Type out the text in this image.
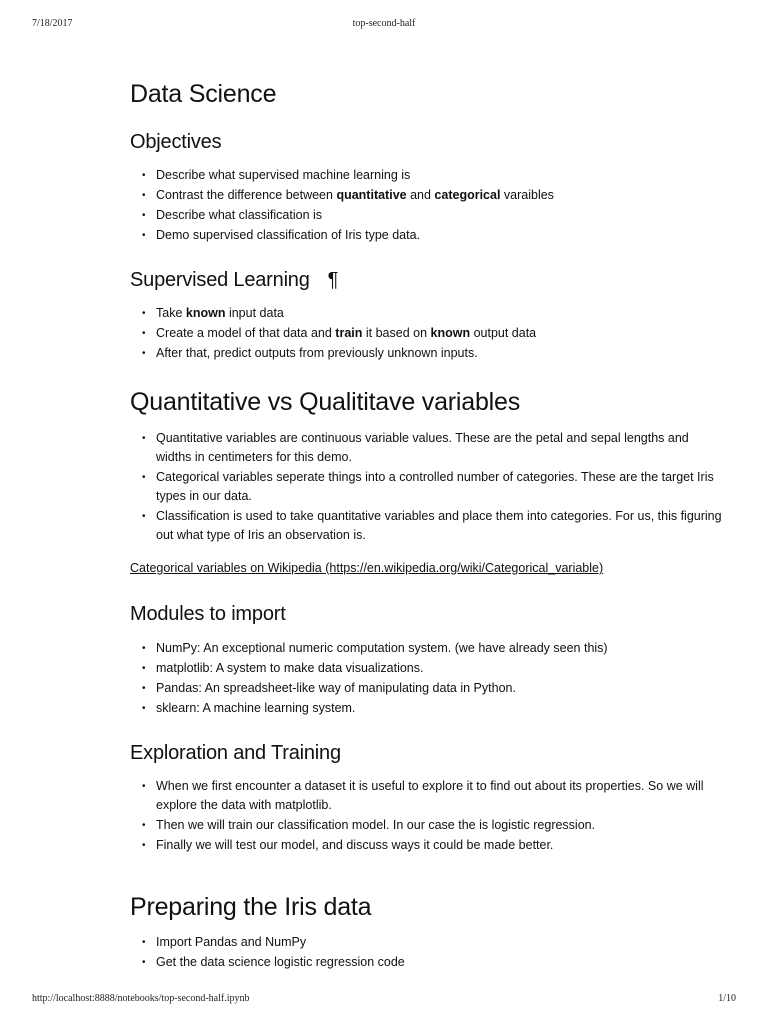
7/18/2017	top-second-half
Data Science
Objectives
• Describe what supervised machine learning is
• Contrast the difference between quantitative and categorical varaibles
• Describe what classification is
• Demo supervised classification of Iris type data.
Supervised Learning ¶
• Take known input data
• Create a model of that data and train it based on known output data
• After that, predict outputs from previously unknown inputs.
Quantitative vs Qualititave variables
• Quantitative variables are continuous variable values. These are the petal and sepal lengths and widths in centimeters for this demo.
• Categorical variables seperate things into a controlled number of categories. These are the target Iris types in our data.
• Classification is used to take quantitative variables and place them into categories. For us, this figuring out what type of Iris an observation is.
Categorical variables on Wikipedia (https://en.wikipedia.org/wiki/Categorical_variable)
Modules to import
• NumPy: An exceptional numeric computation system. (we have already seen this)
• matplotlib: A system to make data visualizations.
• Pandas: An spreadsheet-like way of manipulating data in Python.
• sklearn: A machine learning system.
Exploration and Training
• When we first encounter a dataset it is useful to explore it to find out about its properties. So we will explore the data with matplotlib.
• Then we will train our classification model. In our case the is logistic regression.
• Finally we will test our model, and discuss ways it could be made better.
Preparing the Iris data
• Import Pandas and NumPy
• Get the data science logistic regression code
http://localhost:8888/notebooks/top-second-half.ipynb	1/10
